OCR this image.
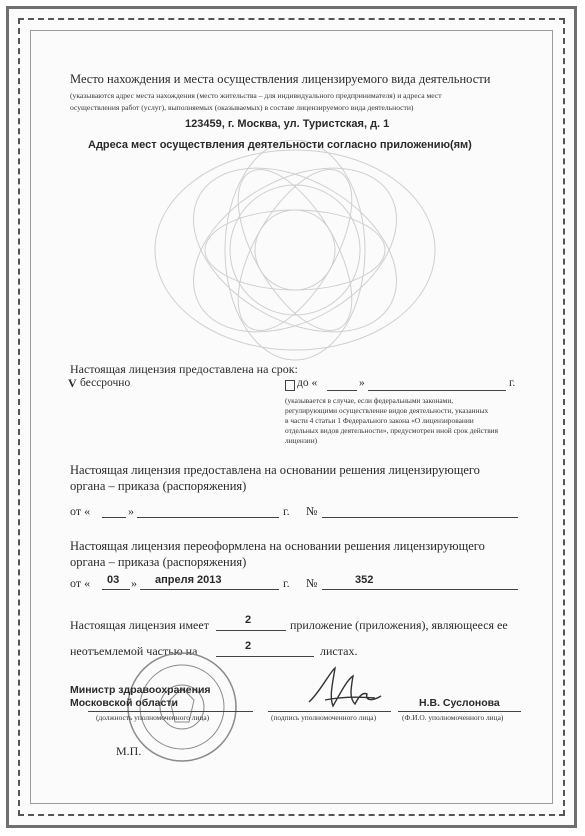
Место нахождения и места осуществления лицензируемого вида деятельности
(указываются адрес места нахождения (место жительства – для индивидуального предпринимателя) и адреса мест
осуществления работ (услуг), выполняемых (оказываемых) в составе лицензируемого вида деятельности)
123459, г. Москва, ул. Туристская, д. 1
Адреса мест осуществления деятельности согласно приложению(ям)
Настоящая лицензия предоставлена на срок:
V бессрочно	до «	»	г.
(указывается в случае, если федеральными законами,
регулирующими осуществление видов деятельности, указанных
в части 4 статьи 1 Федерального закона «О лицензировании
отдельных видов деятельности», предусмотрен иной срок действия
лицензии)
Настоящая лицензия предоставлена на основании решения лицензирующего
органа – приказа (распоряжения)
от «	»	г. №
Настоящая лицензия переоформлена на основании решения лицензирующего
органа – приказа (распоряжения)
от « 03 » апреля 2013	г. №	352
Настоящая лицензия имеет	2	приложение (приложения), являющееся ее
неотъемлемой частью на	2	листах.
Министр здравоохранения
Московской области
(должность уполномоченного лица)	(подпись уполномоченного лица)
Н.В. Суслонова
(Ф.И.О. уполномоченного лица)
М.П.
